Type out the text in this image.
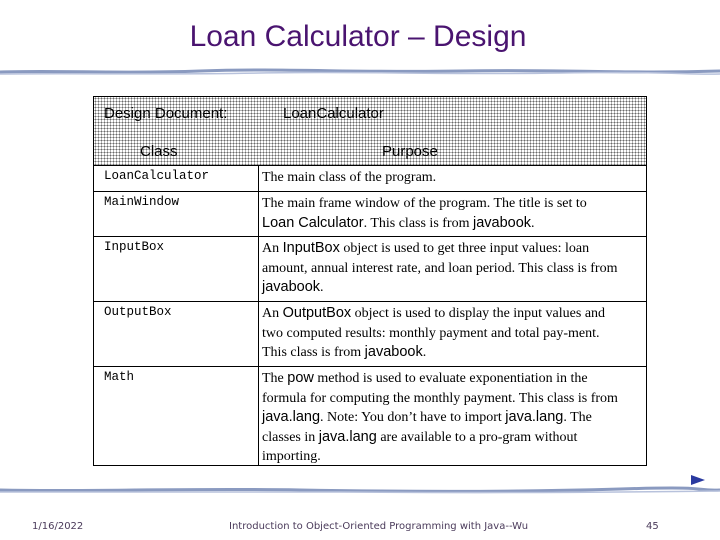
Loan Calculator – Design
Design Document:	LoanCalculator
Class	Purpose
LoanCalculator	The main class of the program.
MainWindow	The main frame window of the program. The title is set to Loan Calculator. This class is from javabook.
InputBox	An InputBox object is used to get three input values: loan amount, annual interest rate, and loan period. This class is from javabook.
OutputBox	An OutputBox object is used to display the input values and two computed results: monthly payment and total pay-ment. This class is from javabook.
Math	The pow method is used to evaluate exponentiation in the formula for computing the monthly payment. This class is from java.lang. Note: You don’t have to import java.lang. The classes in java.lang are available to a pro-gram without importing.
1/16/2022	Introduction to Object-Oriented Programming with Java--Wu	45
